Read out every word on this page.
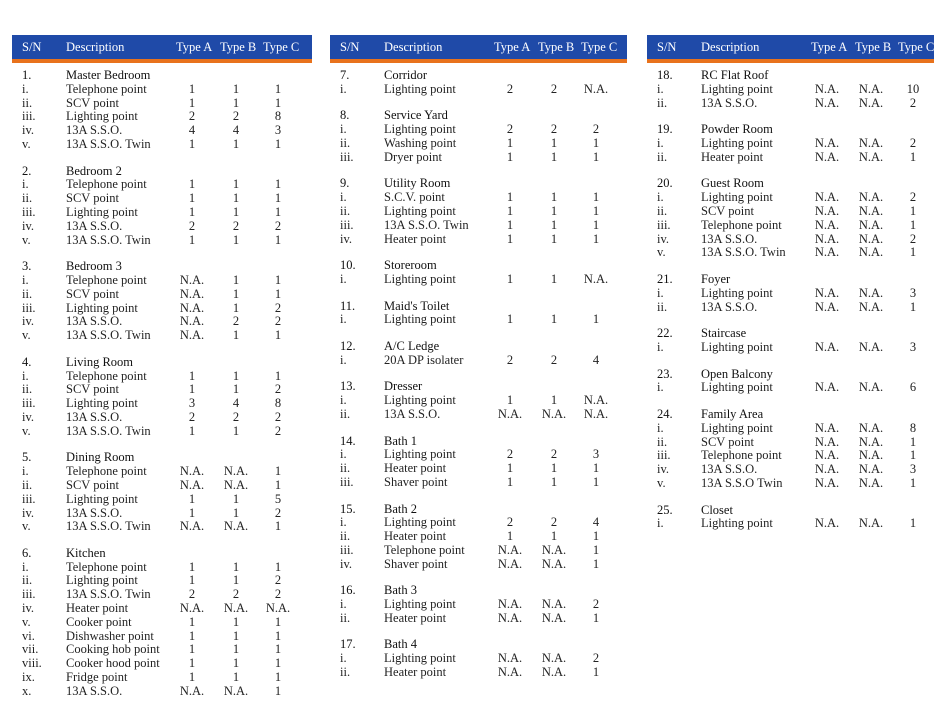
S/N Description	Type A Type B Type C
1.	Master Bedroom
i.	Telephone point	1	1	1
ii.	SCV point	1	1	1
iii. Lighting point	2	2	8
iv.	13A S.S.O.	4	4	3
v.	13A S.S.O. Twin	1	1	1
2.	Bedroom 2
i.	Telephone point	1	1	1
ii.	SCV point	1	1	1
iii. Lighting point	1	1	1
iv.	13A S.S.O.	2	2	2
v.	13A S.S.O. Twin	1	1	1
3.	Bedroom 3
i.	Telephone point	N.A. 1	1
ii.	SCV point	N.A. 1	1
iii. Lighting point	N.A. 1	2
iv.	13A S.S.O.	N.A. 2	2
v.	13A S.S.O. Twin N.A. 1	1
4.	Living Room
i.	Telephone point	1	1	1
ii.	SCV point	1	1	2
iii. Lighting point	3	4	8
iv.	13A S.S.O.	2	2	2
v.	13A S.S.O. Twin	1	1	2
5.	Dining Room
i.	Telephone point	N.A. N.A. 1
ii.	SCV point	N.A. N.A. 1
iii. Lighting point	1	1	5
iv.	13A S.S.O.	1	1	2
v.	13A S.S.O. Twin N.A. N.A. 1
6.	Kitchen
i.	Telephone point	1	1	1
ii.	Lighting point	1	1	2
iii. 13A S.S.O. Twin	2	2	2
iv.	Heater point	N.A. N.A. N.A.
v.	Cooker point	1	1	1
vi. Dishwasher point	1	1	1
vii. Cooking hob point 1	1	1
viii. Cooker hood point 1	1	1
ix. Fridge point	1	1	1
x.	13A S.S.O.	N.A. N.A. 1
S/N Description	Type A Type B Type C
7.	Corridor
i.	Lighting point	2	2 N.A.
8.	Service Yard
i.	Lighting point	2	2	2
ii.	Washing point	1	1	1
iii. Dryer point	1	1	1
9.	Utility Room
i.	S.C.V. point	1	1	1
ii.	Lighting point	1	1	1
iii. 13A S.S.O. Twin	1	1	1
iv.	Heater point	1	1	1
10. Storeroom
i.	Lighting point	1	1 N.A.
11. Maid's Toilet
i.	Lighting point	1	1	1
12. A/C Ledge
i.	20A DP isolater	2	2	4
13. Dresser
i.	Lighting point	1	1 N.A.
ii.	13A S.S.O.	N.A. N.A. N.A.
14. Bath 1
i.	Lighting point	2	2	3
ii.	Heater point	1	1	1
iii. Shaver point	1	1	1
15. Bath 2
i.	Lighting point	2	2	4
ii.	Heater point	1	1	1
iii. Telephone point	N.A. N.A. 1
iv.	Shaver point	N.A. N.A. 1
16. Bath 3
i.	Lighting point	N.A. N.A. 2
ii.	Heater point	N.A. N.A. 1
17. Bath 4
i.	Lighting point	N.A. N.A. 2
ii.	Heater point	N.A. N.A. 1
S/N Description	Type A Type B Type C
18. RC Flat Roof
i.	Lighting point	N.A. N.A. 10
ii.	13A S.S.O.	N.A. N.A. 2
19. Powder Room
i.	Lighting point	N.A. N.A. 2
ii.	Heater point	N.A. N.A. 1
20. Guest Room
i.	Lighting point	N.A. N.A. 2
ii.	SCV point	N.A. N.A. 1
iii. Telephone point	N.A. N.A. 1
iv.	13A S.S.O.	N.A. N.A. 2
v.	13A S.S.O. Twin N.A. N.A. 1
21. Foyer
i.	Lighting point	N.A. N.A. 3
ii.	13A S.S.O.	N.A. N.A. 1
22. Staircase
i.	Lighting point	N.A. N.A. 3
23. Open Balcony
i.	Lighting point	N.A. N.A. 6
24. Family Area
i.	Lighting point	N.A. N.A. 8
ii.	SCV point	N.A. N.A. 1
iii. Telephone point	N.A. N.A. 1
iv.	13A S.S.O.	N.A. N.A. 3
v.	13A S.S.O Twin	N.A. N.A. 1
25. Closet
i.	Lighting point	N.A. N.A. 1
